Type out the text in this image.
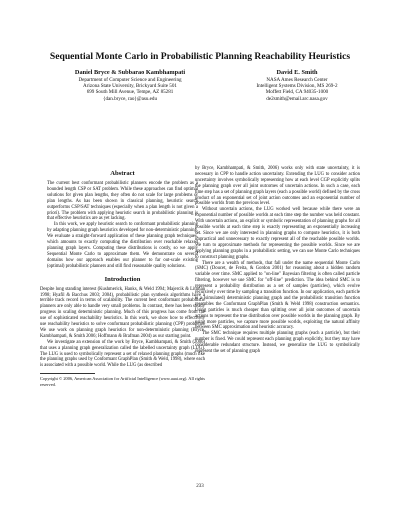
Sequential Monte Carlo in Probabilistic Planning Reachability Heuristics
Daniel Bryce & Subbarao Kambhampati
Department of Computer Science and Engineering
Arizona State University, Brickyard Suite 501
699 South Mill Avenue, Tempe, AZ 85281
{dan.bryce, rao}@asu.edu
David E. Smith
NASA Ames Research Center
Intelligent Systems Division, MS 269-2
Moffett Field, CA 94035-1000
de2smith@email.arc.nasa.gov
Abstract

The current best conformant probabilistic planners encode the problem as a bounded length CSP or SAT problem. While these approaches can find optimal solutions for given plan lengths, they often do not scale for large problems or plan lengths. As has been shown in classical planning, heuristic search outperforms CSP/SAT techniques (especially when a plan length is not given a priori). The problem with applying heuristic search in probabilistic planning is that effective heuristics are as yet lacking.

In this work, we apply heuristic search to conformant probabilistic planning by adapting planning graph heuristics developed for non-deterministic planning. We evaluate a straight-forward application of these planning graph techniques, which amounts to exactly computing the distribution over reachable relaxed planning graph layers. Computing these distributions is costly, so we apply Sequential Monte Carlo to approximate them. We demonstrate on several domains how our approach enables our planner to far out-scale existing (optimal) probabilistic planners and still find reasonable quality solutions.

Introduction

Despite long standing interest (Kushmerick, Hanks, & Weld 1994; Majercik & Littman 1998; Hyafil & Bacchus 2003; 2004), probabilistic plan synthesis algorithms have a terrible track record in terms of scalability. The current best conformant probabilistic planners are only able to handle very small problems. In contrast, there has been steady progress in scaling deterministic planning. Much of this progress has come from the use of sophisticated reachability heuristics. In this work, we show how to effectively use reachability heuristics to solve conformant probabilistic planning (CPP) problems. We use work on planning graph heuristics for non-deterministic planning (Bryce, Kambhampati, & Smith 2006; Hoffmann & Brafman 2004) as our starting point.

We investigate an extension of the work by Bryce, Kambhampati, & Smith (2006) that uses a planning graph generalization called the labelled uncertainty graph (LUG). The LUG is used to symbolically represent a set of relaxed planning graphs (much like the planning graphs used by Conformant GraphPlan (Smith & Weld, 1998), where each is associated with a possible world. While the LUG (as described

Copyright © 2006, American Association for Artificial Intelligence (www.aaai.org). All rights reserved.

by Bryce, Kambhampati, & Smith, 2006) works only with state uncertainty, it is necessary in CPP to handle action uncertainty. Extending the LUG to consider action uncertainty involves symbolically representing how at each level CGP explicitly splits the planning graph over all joint outcomes of uncertain actions. In such a case, each time step has a set of planning graph layers (each a possible world) defined by the cross product of an exponential set of joint action outcomes and an exponential number of possible worlds from the previous level.

Without uncertain actions, the LUG worked well because while there were an exponential number of possible worlds at each time step the number was held constant. With uncertain actions, an explicit or symbolic representation of planning graphs for all possible worlds at each time step is exactly representing an exponentially increasing set. Since we are only interested in planning graphs to compute heuristics, it is both impractical and unnecessary to exactly represent all of the reachable possible worlds. We turn to approximate methods for representing the possible worlds. Since we are applying planning graphs in a probabilistic setting, we can use Monte Carlo techniques to construct planning graphs.

There are a wealth of methods, that fall under the name sequential Monte Carlo (SMC) (Doucet, de Freita, & Gordon 2001) for reasoning about a hidden random variable over time. SMC applied to "on-line" Bayesian filtering is often called particle filtering, however we use SMC for "off-line" prediction. The idea behind SMC is to represent a probability distribution as a set of samples (particles), which evolve recursively over time by sampling a transition function. In our application, each particle is a (simulated) deterministic planning graph and the probabilistic transition function resembles the Conformant GraphPlan (Smith & Weld 1998) construction semantics. Using particles is much cheaper than splitting over all joint outcomes of uncertain actions to represent the true distribution over possible worlds in the planning graph. By using more particles, we capture more possible worlds, exploiting the natural affinity between SMC approximation and heuristic accuracy.

The SMC technique requires multiple planning graphs (each a particle), but their number is fixed. We could represent each planning graph explicitly, but they may have considerable redundant structure. Instead, we generalize the LUG to symbolically represent the set of planning graph

233
